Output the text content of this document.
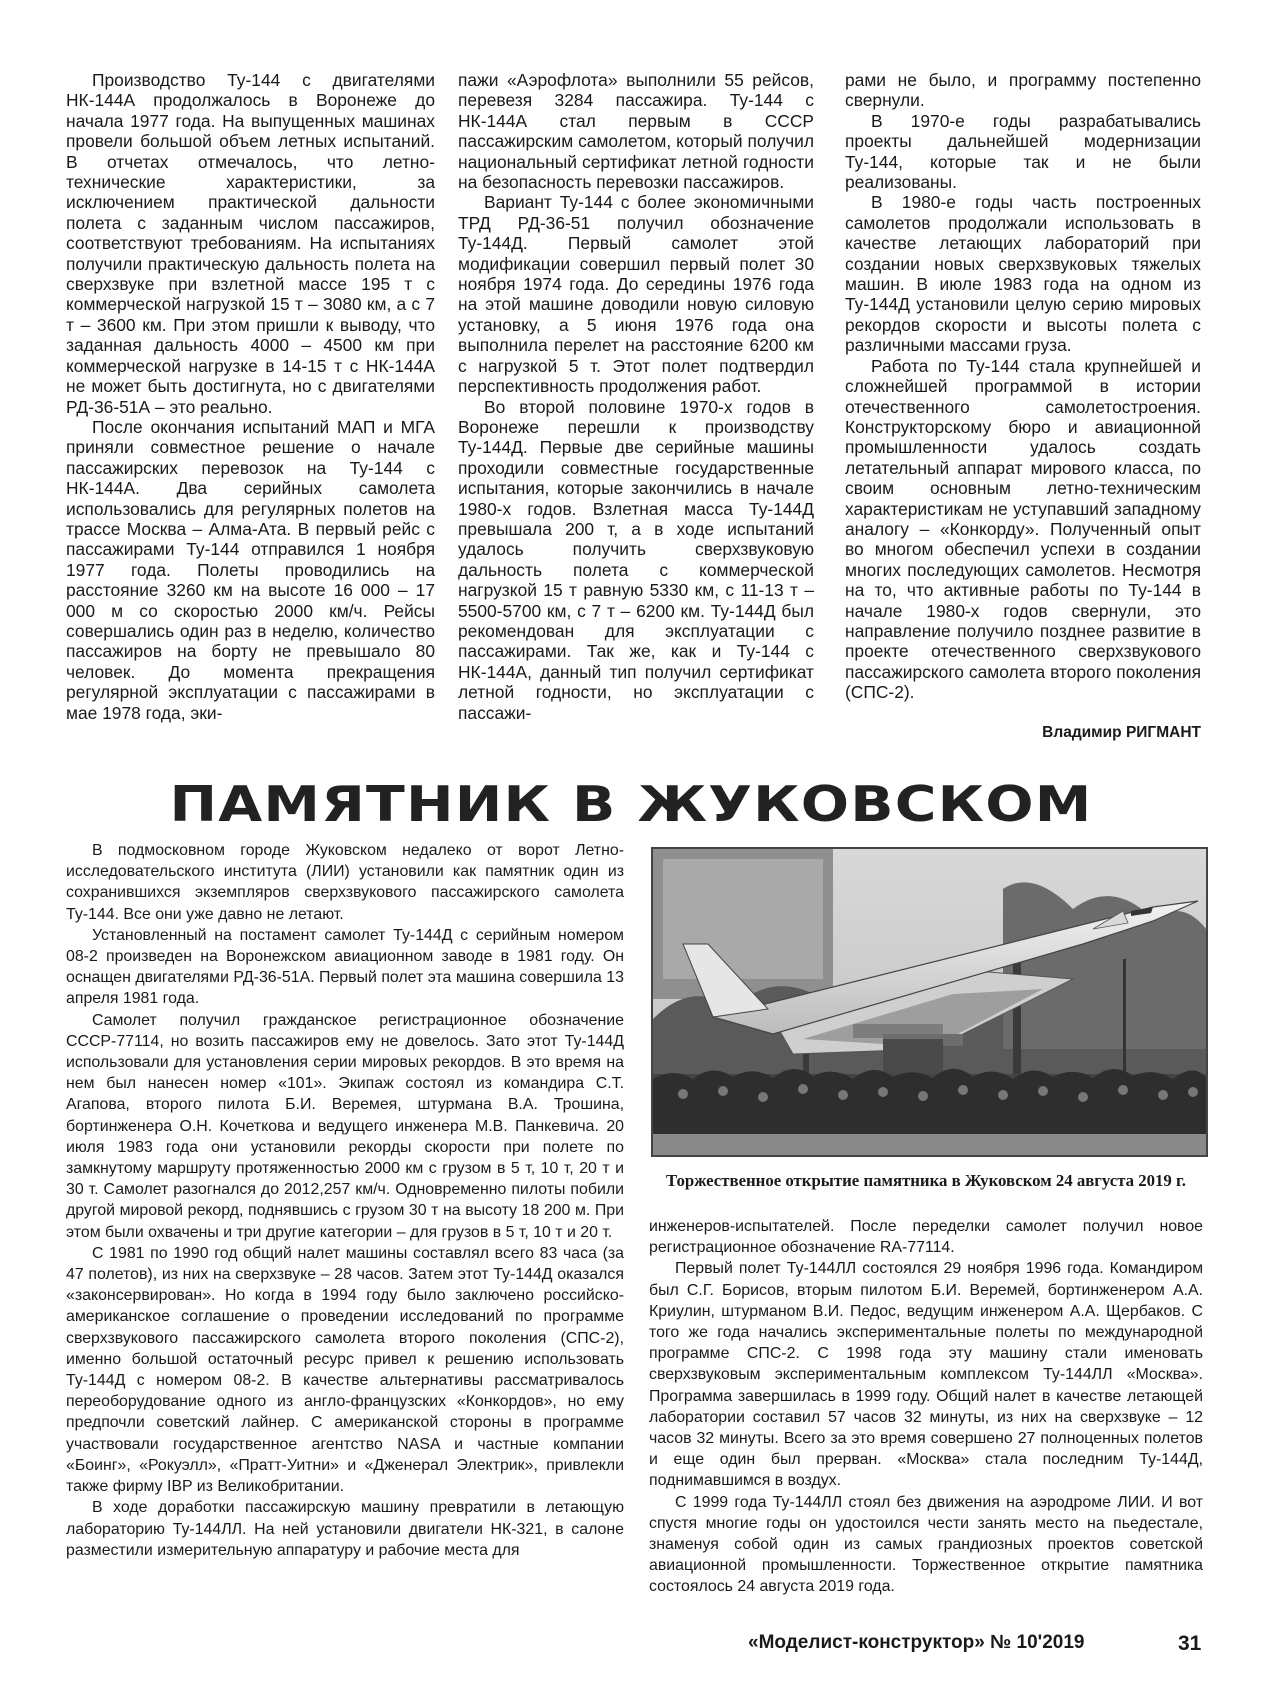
Производство Ту-144 с двигателями НК-144А продолжалось в Воронеже до начала 1977 года. На выпущенных машинах провели большой объем летных испытаний. В отчетах отмечалось, что летно-технические характеристики, за исключением практической дальности полета с заданным числом пассажиров, соответствуют требованиям. На испытаниях получили практическую дальность полета на сверхзвуке при взлетной массе 195 т с коммерческой нагрузкой 15 т – 3080 км, а с 7 т – 3600 км. При этом пришли к выводу, что заданная дальность 4000 – 4500 км при коммерческой нагрузке в 14-15 т с НК-144А не может быть достигнута, но с двигателями РД-36-51А – это реально.

После окончания испытаний МАП и МГА приняли совместное решение о начале пассажирских перевозок на Ту-144 с НК-144А. Два серийных самолета использовались для регулярных полетов на трассе Москва – Алма-Ата. В первый рейс с пассажирами Ту-144 отправился 1 ноября 1977 года. Полеты проводились на расстояние 3260 км на высоте 16 000 – 17 000 м со скоростью 2000 км/ч. Рейсы совершались один раз в неделю, количество пассажиров на борту не превышало 80 человек. До момента прекращения регулярной эксплуатации с пассажирами в мае 1978 года, эки-

пажи «Аэрофлота» выполнили 55 рейсов, перевезя 3284 пассажира. Ту-144 с НК-144А стал первым в СССР пассажирским самолетом, который получил национальный сертификат летной годности на безопасность перевозки пассажиров.

Вариант Ту-144 с более экономичными ТРД РД-36-51 получил обозначение Ту-144Д. Первый самолет этой модификации совершил первый полет 30 ноября 1974 года. До середины 1976 года на этой машине доводили новую силовую установку, а 5 июня 1976 года она выполнила перелет на расстояние 6200 км с нагрузкой 5 т. Этот полет подтвердил перспективность продолжения работ.

Во второй половине 1970-х годов в Воронеже перешли к производству Ту-144Д. Первые две серийные машины проходили совместные государственные испытания, которые закончились в начале 1980-х годов. Взлетная масса Ту-144Д превышала 200 т, а в ходе испытаний удалось получить сверхзвуковую дальность полета с коммерческой нагрузкой 15 т равную 5330 км, с 11-13 т – 5500-5700 км, с 7 т – 6200 км. Ту-144Д был рекомендован для эксплуатации с пассажирами. Так же, как и Ту-144 с НК-144А, данный тип получил сертификат летной годности, но эксплуатации с пассажи-

рами не было, и программу постепенно свернули.

В 1970-е годы разрабатывались проекты дальнейшей модернизации Ту-144, которые так и не были реализованы.

В 1980-е годы часть построенных самолетов продолжали использовать в качестве летающих лабораторий при создании новых сверхзвуковых тяжелых машин. В июле 1983 года на одном из Ту-144Д установили целую серию мировых рекордов скорости и высоты полета с различными массами груза.

Работа по Ту-144 стала крупнейшей и сложнейшей программой в истории отечественного самолетостроения. Конструкторскому бюро и авиационной промышленности удалось создать летательный аппарат мирового класса, по своим основным летно-техническим характеристикам не уступавший западному аналогу – «Конкорду». Полученный опыт во многом обеспечил успехи в создании многих последующих самолетов. Несмотря на то, что активные работы по Ту-144 в начале 1980-х годов свернули, это направление получило позднее развитие в проекте отечественного сверхзвукового пассажирского самолета второго поколения (СПС-2).

Владимир РИГМАНТ
ПАМЯТНИК В ЖУКОВСКОМ

В подмосковном городе Жуковском недалеко от ворот Летно-исследовательского института (ЛИИ) установили как памятник один из сохранившихся экземпляров сверхзвукового пассажирского самолета Ту-144. Все они уже давно не летают.

Установленный на постамент самолет Ту-144Д с серийным номером 08-2 произведен на Воронежском авиационном заводе в 1981 году. Он оснащен двигателями РД-36-51А. Первый полет эта машина совершила 13 апреля 1981 года.

Самолет получил гражданское регистрационное обозначение СССР-77114, но возить пассажиров ему не довелось. Зато этот Ту-144Д использовали для установления серии мировых рекордов. В это время на нем был нанесен номер «101». Экипаж состоял из командира С.Т. Агапова, второго пилота Б.И. Веремея, штурмана В.А. Трошина, бортинженера О.Н. Кочеткова и ведущего инженера М.В. Панкевича. 20 июля 1983 года они установили рекорды скорости при полете по замкнутому маршруту протяженностью 2000 км с грузом в 5 т, 10 т, 20 т и 30 т. Самолет разогнался до 2012,257 км/ч. Одновременно пилоты побили другой мировой рекорд, поднявшись с грузом 30 т на высоту 18 200 м. При этом были охвачены и три другие категории – для грузов в 5 т, 10 т и 20 т.

С 1981 по 1990 год общий налет машины составлял всего 83 часа (за 47 полетов), из них на сверхзвуке – 28 часов. Затем этот Ту-144Д оказался «законсервирован». Но когда в 1994 году было заключено российско-американское соглашение о проведении исследований по программе сверхзвукового пассажирского самолета второго поколения (СПС-2), именно большой остаточный ресурс привел к решению использовать Ту-144Д с номером 08-2. В качестве альтернативы рассматривалось переоборудование одного из англо-французских «Конкордов», но ему предпочли советский лайнер. С американской стороны в программе участвовали государственное агентство NASA и частные компании «Боинг», «Рокуэлл», «Пратт-Уитни» и «Дженерал Электрик», привлекли также фирму IBP из Великобритании.

В ходе доработки пассажирскую машину превратили в летающую лабораторию Ту-144ЛЛ. На ней установили двигатели НК-321, в салоне разместили измерительную аппаратуру и рабочие места для

Торжественное открытие памятника в Жуковском 24 августа 2019 г.

инженеров-испытателей. После переделки самолет получил новое регистрационное обозначение RA-77114.

Первый полет Ту-144ЛЛ состоялся 29 ноября 1996 года. Командиром был С.Г. Борисов, вторым пилотом Б.И. Веремей, бортинженером А.А. Криулин, штурманом В.И. Педос, ведущим инженером А.А. Щербаков. С того же года начались экспериментальные полеты по международной программе СПС-2. С 1998 года эту машину стали именовать сверхзвуковым экспериментальным комплексом Ту-144ЛЛ «Москва». Программа завершилась в 1999 году. Общий налет в качестве летающей лаборатории составил 57 часов 32 минуты, из них на сверхзвуке – 12 часов 32 минуты. Всего за это время совершено 27 полноценных полетов и еще один был прерван. «Москва» стала последним Ту-144Д, поднимавшимся в воздух.

С 1999 года Ту-144ЛЛ стоял без движения на аэродроме ЛИИ. И вот спустя многие годы он удостоился чести занять место на пьедестале, знаменуя собой один из самых грандиозных проектов советской авиационной промышленности. Торжественное открытие памятника состоялось 24 августа 2019 года.

«Моделист-конструктор» № 10'2019	31
